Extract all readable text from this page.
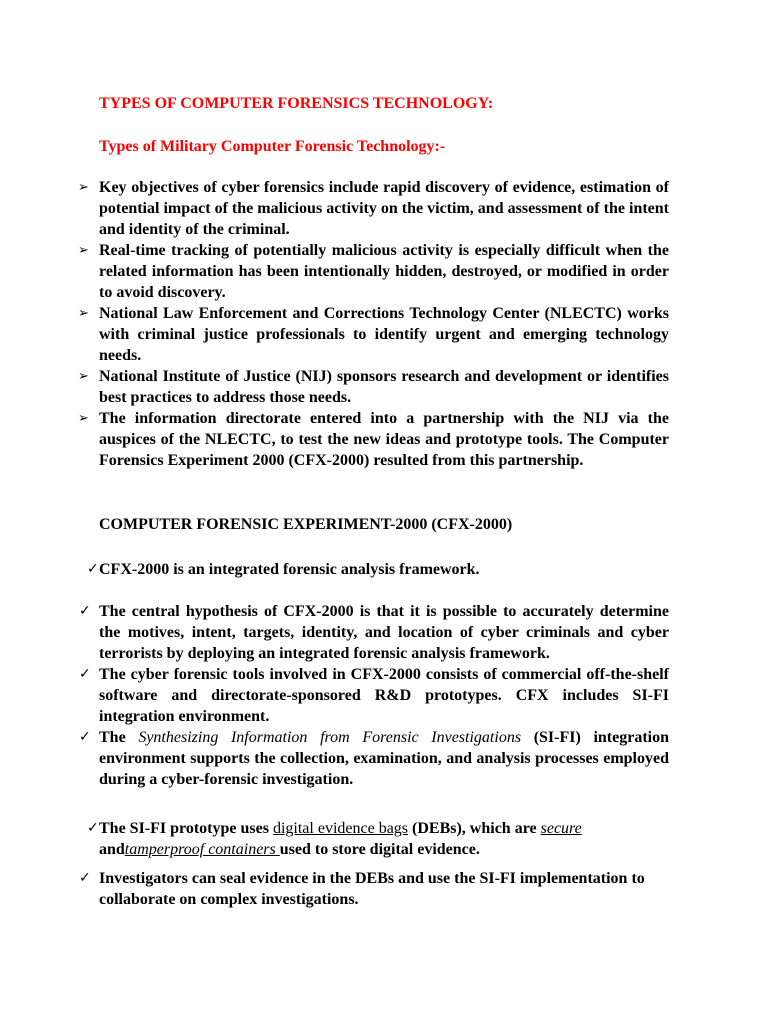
TYPES OF COMPUTER FORENSICS TECHNOLOGY:
Types of Military Computer Forensic Technology:-
➢ Key objectives of cyber forensics include rapid discovery of evidence, estimation of potential impact of the malicious activity on the victim, and assessment of the intent and identity of the criminal.
➢ Real-time tracking of potentially malicious activity is especially difficult when the related information has been intentionally hidden, destroyed, or modified in order to avoid discovery.
➢ National Law Enforcement and Corrections Technology Center (NLECTC) works with criminal justice professionals to identify urgent and emerging technology needs.
➢ National Institute of Justice (NIJ) sponsors research and development or identifies best practices to address those needs.
➢ The information directorate entered into a partnership with the NIJ via the auspices of the NLECTC, to test the new ideas and prototype tools. The Computer Forensics Experiment 2000 (CFX-2000) resulted from this partnership.
COMPUTER FORENSIC EXPERIMENT-2000 (CFX-2000)
✓ CFX-2000 is an integrated forensic analysis framework.
✓ The central hypothesis of CFX-2000 is that it is possible to accurately determine the motives, intent, targets, identity, and location of cyber criminals and cyber terrorists by deploying an integrated forensic analysis framework.
✓ The cyber forensic tools involved in CFX-2000 consists of commercial off-the-shelf software and directorate-sponsored R&D prototypes. CFX includes SI-FI integration environment.
✓ The Synthesizing Information from Forensic Investigations (SI-FI) integration environment supports the collection, examination, and analysis processes employed during a cyber-forensic investigation.
✓ The SI-FI prototype uses digital evidence bags (DEBs), which are secure
andtamperproof containers used to store digital evidence.
✓ Investigators can seal evidence in the DEBs and use the SI-FI implementation to collaborate on complex investigations.
